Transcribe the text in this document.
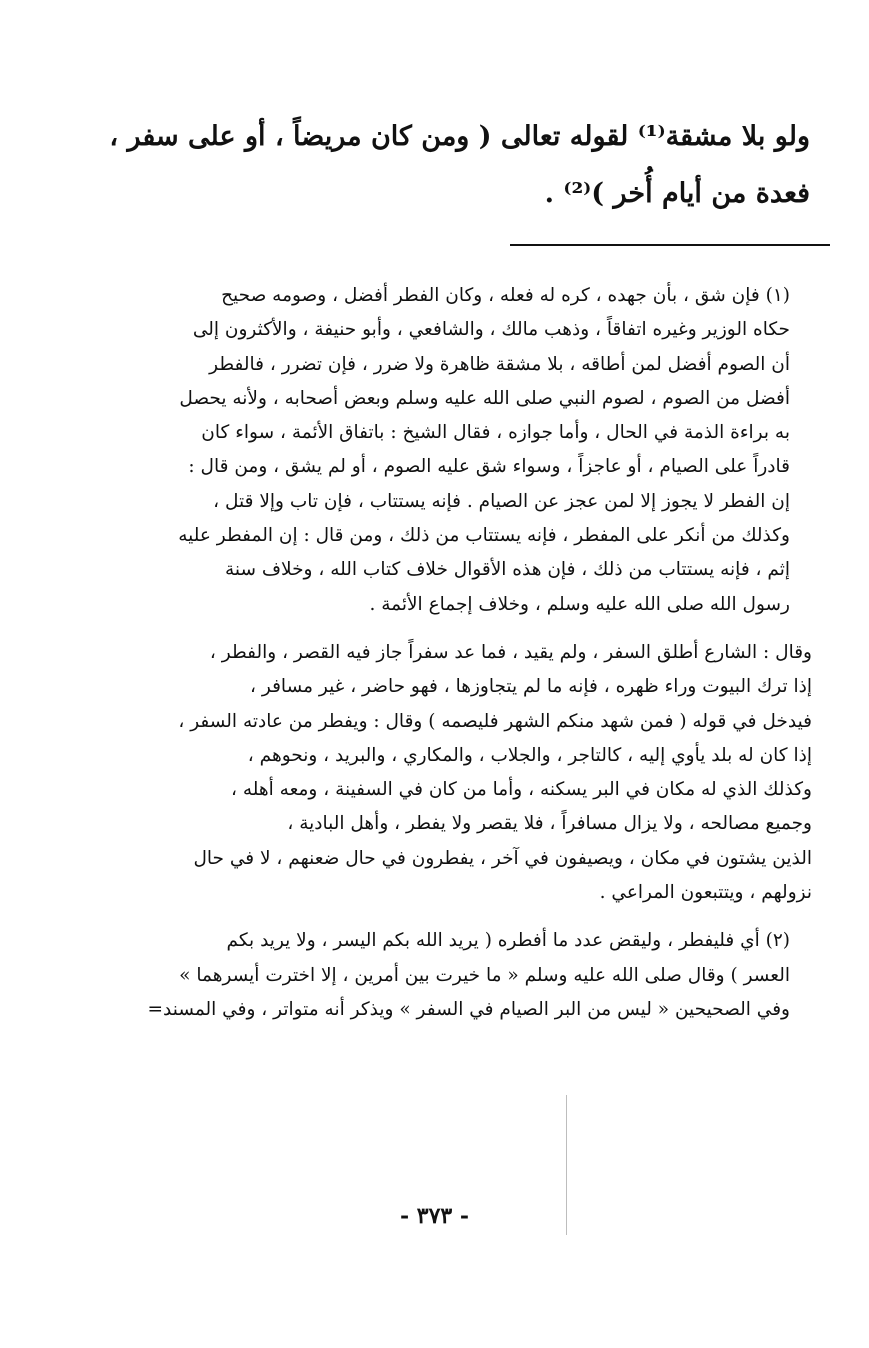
ولو بلا مشقة⁽¹⁾ لقوله تعالى ( ومن كان مريضاً ، أو على سفر ،
فعدة من أيام أُخر )⁽²⁾ .
(١) فإن شق ، بأن جهده ، كره له فعله ، وكان الفطر أفضل ، وصومه صحيح
حكاه الوزير وغيره اتفاقاً ، وذهب مالك ، والشافعي ، وأبو حنيفة ، والأكثرون إلى
أن الصوم أفضل لمن أطاقه ، بلا مشقة ظاهرة ولا ضرر ، فإن تضرر ، فالفطر
أفضل من الصوم ، لصوم النبي صلى الله عليه وسلم وبعض أصحابه ، ولأنه يحصل
به براءة الذمة في الحال ، وأما جوازه ، فقال الشيخ : باتفاق الأئمة ، سواء كان
قادراً على الصيام ، أو عاجزاً ، وسواء شق عليه الصوم ، أو لم يشق ، ومن قال :
إن الفطر لا يجوز إلا لمن عجز عن الصيام . فإنه يستتاب ، فإن تاب وإلا قتل ،
وكذلك من أنكر على المفطر ، فإنه يستتاب من ذلك ، ومن قال : إن المفطر عليه
إثم ، فإنه يستتاب من ذلك ، فإن هذه الأقوال خلاف كتاب الله ، وخلاف سنة
رسول الله صلى الله عليه وسلم ، وخلاف إجماع الأئمة .
وقال : الشارع أطلق السفر ، ولم يقيد ، فما عد سفراً جاز فيه القصر ، والفطر ،
إذا ترك البيوت وراء ظهره ، فإنه ما لم يتجاوزها ، فهو حاضر ، غير مسافر ،
فيدخل في قوله ( فمن شهد منكم الشهر فليصمه ) وقال : ويفطر من عادته السفر ،
إذا كان له بلد يأوي إليه ، كالتاجر ، والجلاب ، والمكاري ، والبريد ، ونحوهم ،
وكذلك الذي له مكان في البر يسكنه ، وأما من كان في السفينة ، ومعه أهله ،
وجميع مصالحه ، ولا يزال مسافراً ، فلا يقصر ولا يفطر ، وأهل البادية ،
الذين يشتون في مكان ، ويصيفون في آخر ، يفطرون في حال ضعنهم ، لا في حال
نزولهم ، ويتتبعون المراعي .
(٢) أي فليفطر ، وليقض عدد ما أفطره ( يريد الله بكم اليسر ، ولا يريد بكم
العسر ) وقال صلى الله عليه وسلم « ما خيرت بين أمرين ، إلا اخترت أيسرهما »
وفي الصحيحين « ليس من البر الصيام في السفر » ويذكر أنه متواتر ، وفي المسند=
- ٣٧٣ -
